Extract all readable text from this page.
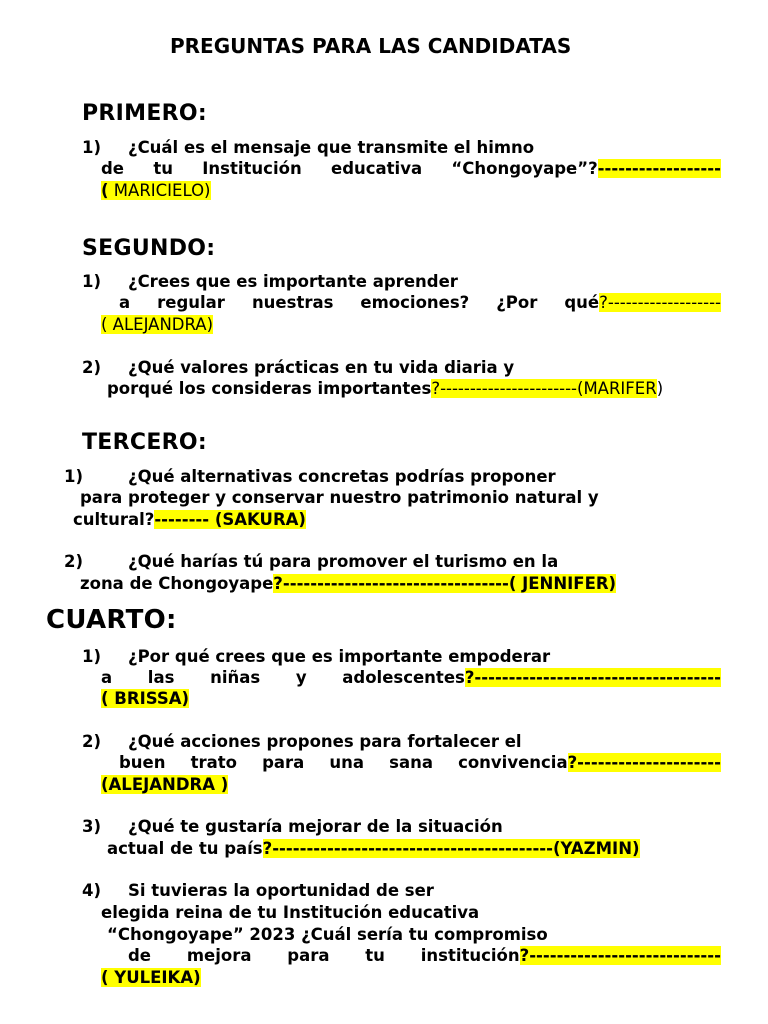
PREGUNTAS PARA LAS CANDIDATAS
PRIMERO:
1) ¿Cuál es el mensaje que transmite el himno
de tu Institución educativa “Chongoyape”?------------------
( MARICIELO)
SEGUNDO:
1) ¿Crees que es importante aprender
a regular nuestras emociones? ¿Por qué?-------------------
( ALEJANDRA)
2) ¿Qué valores prácticas en tu vida diaria y
porqué los consideras importantes?-----------------------(MARIFER)
TERCERO:
1)	¿Qué alternativas concretas podrías proponer
para proteger y conservar nuestro patrimonio natural y
cultural?-------- (SAKURA)
2)	¿Qué harías tú para promover el turismo en la
zona de Chongoyape?---------------------------------( JENNIFER)
CUARTO:
1) ¿Por qué crees que es importante empoderar
a las niñas y adolescentes?------------------------------------
( BRISSA)
2) ¿Qué acciones propones para fortalecer el
buen trato para una sana convivencia?---------------------
(ALEJANDRA )
3) ¿Qué te gustaría mejorar de la situación
actual de tu país?-----------------------------------------(YAZMIN)
4) Si tuvieras la oportunidad de ser
elegida reina de tu Institución educativa
“Chongoyape” 2023 ¿Cuál sería tu compromiso
de mejora para tu institución?----------------------------
( YULEIKA)
